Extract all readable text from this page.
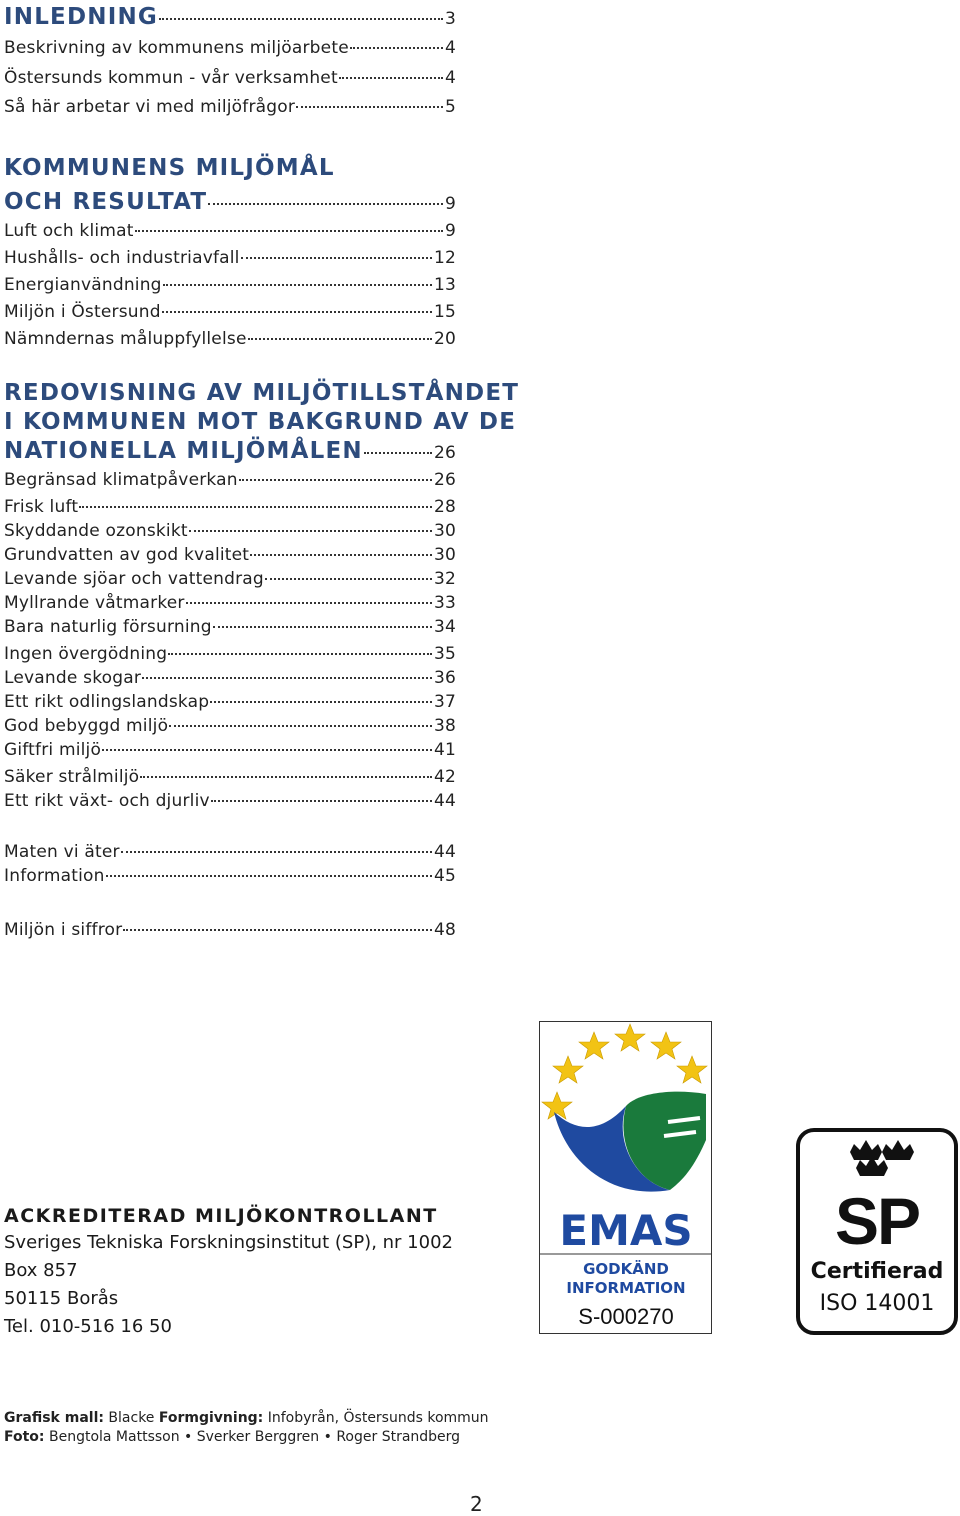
INLEDNING	3
Beskrivning av kommunens miljöarbete	4
Östersunds kommun - vår verksamhet	4
Så här arbetar vi med miljöfrågor	5
KOMMUNENS MILJÖMÅL
OCH RESULTAT	9
Luft och klimat	9
Hushålls- och industriavfall	12
Energianvändning	13
Miljön i Östersund	15
Nämndernas måluppfyllelse	20
REDOVISNING AV MILJÖTILLSTÅNDET
I KOMMUNEN MOT BAKGRUND AV DE
NATIONELLA MILJÖMÅLEN	26
Begränsad klimatpåverkan	26
Frisk luft	28
Skyddande ozonskikt	30
Grundvatten av god kvalitet	30
Levande sjöar och vattendrag	32
Myllrande våtmarker	33
Bara naturlig försurning	34
Ingen övergödning	35
Levande skogar	36
Ett rikt odlingslandskap	37
God bebyggd miljö	38
Giftfri miljö	41
Säker strålmiljö	42
Ett rikt växt- och djurliv	44
Maten vi äter	44
Information	45
Miljön i siffror	48
ACKREDITERAD MILJÖKONTROLLANT
Sveriges Tekniska Forskningsinstitut (SP), nr 1002
Box 857
50115 Borås
Tel. 010-516 16 50
EMAS
GODKÄND
INFORMATION
S-000270
SP
Certifierad
ISO 14001
Grafisk mall: Blacke Formgivning: Infobyrån, Östersunds kommun
Foto: Bengtola Mattsson • Sverker Berggren • Roger Strandberg
2
